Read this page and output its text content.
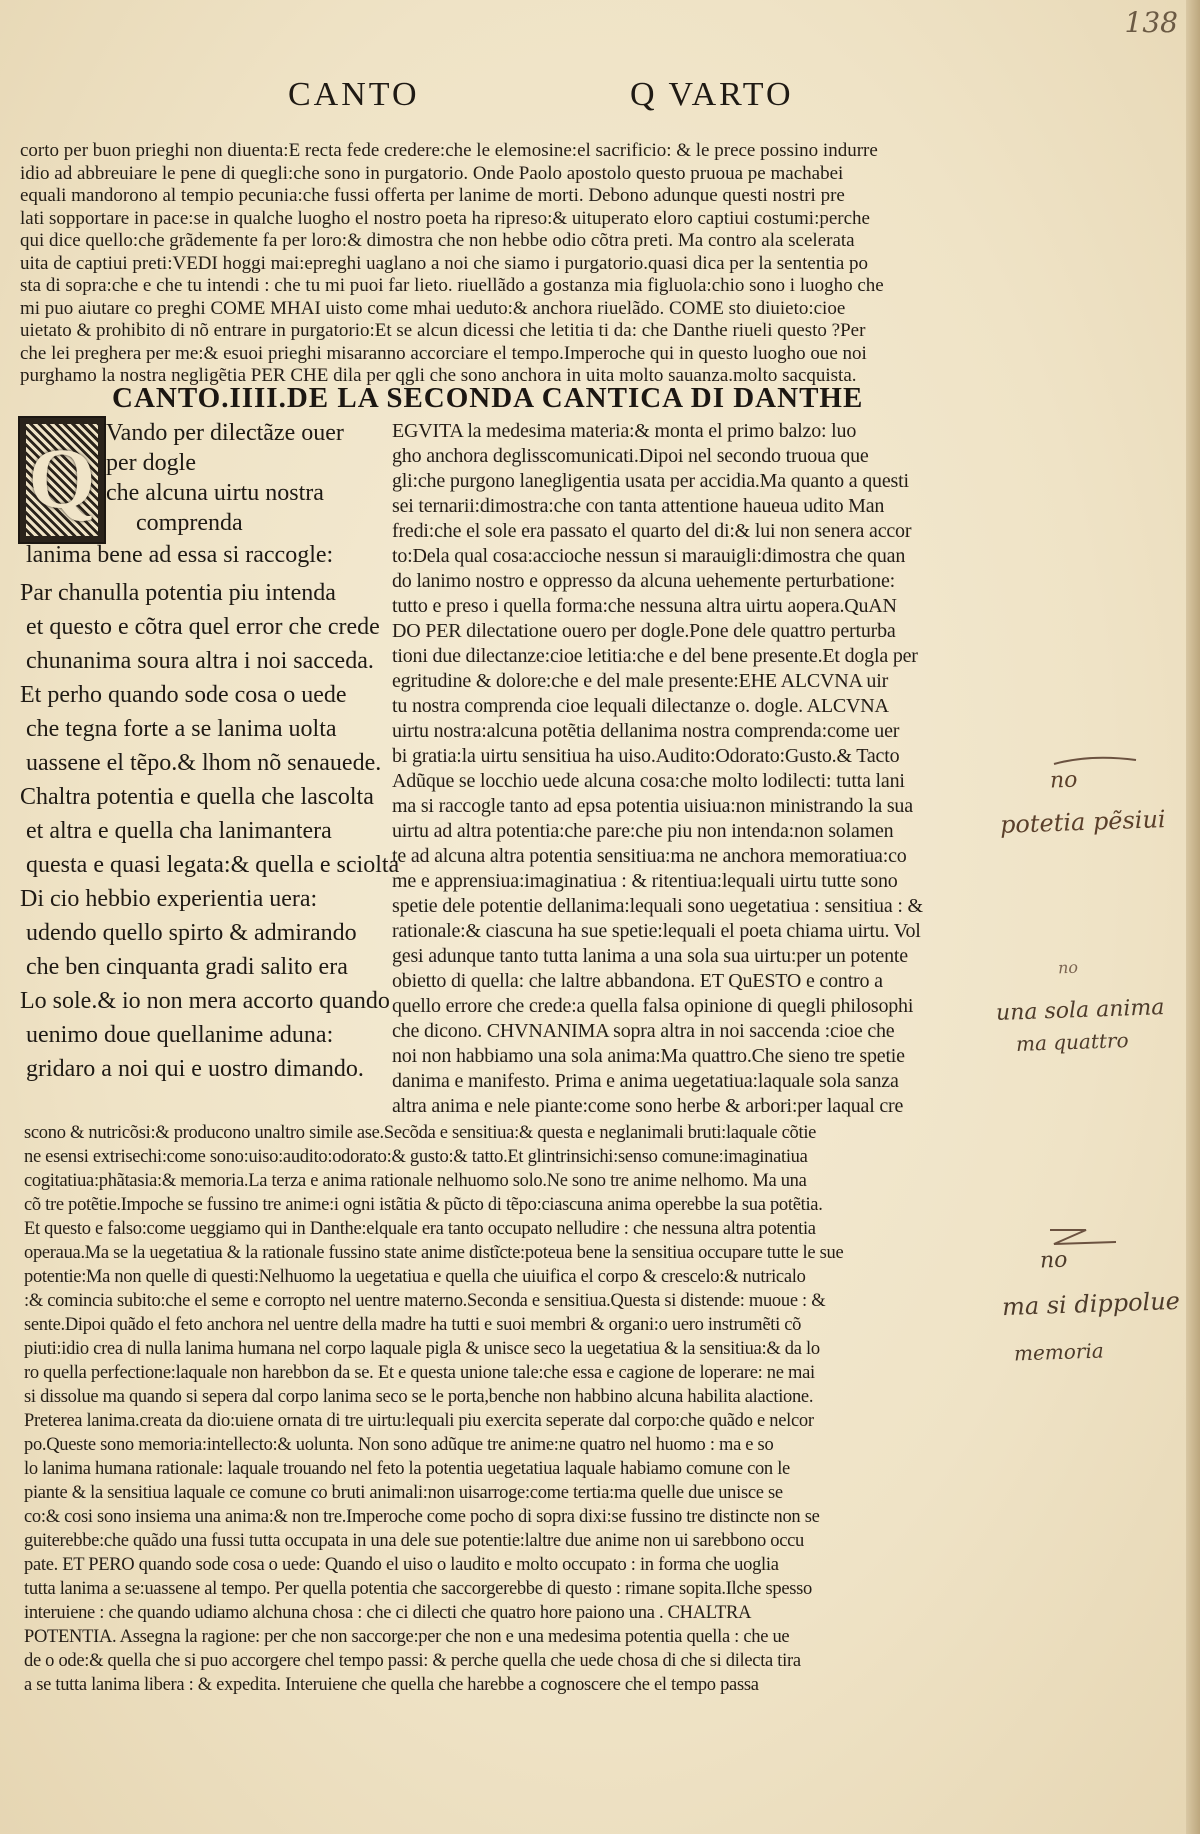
138
CANTO	Q VARTO
corto per buon prieghi non diuenta:E recta fede credere:che le elemosine:el sacrificio: & le prece possino indurre
idio ad abbreuiare le pene di quegli:che sono in purgatorio. Onde Paolo apostolo questo pruoua pe machabei
equali mandorono al tempio pecunia:che fussi offerta per lanime de morti. Debono adunque questi nostri pre
lati sopportare in pace:se in qualche luogho el nostro poeta ha ripreso:& uituperato eloro captiui costumi:perche
qui dice quello:che grãdemente fa per loro:& dimostra che non hebbe odio cõtra preti. Ma contro ala scelerata
uita de captiui preti:VEDI hoggi mai:epreghi uaglano a noi che siamo i purgatorio.quasi dica per la sententia po
sta di sopra:che e che tu intendi : che tu mi puoi far lieto. riuellãdo a gostanza mia figluola:chio sono i luogho che
mi puo aiutare co preghi COME MHAI uisto come mhai ueduto:& anchora riuelãdo. COME sto diuieto:cioe
uietato & prohibito di nõ entrare in purgatorio:Et se alcun dicessi che letitia ti da: che Danthe riueli questo ?Per
che lei preghera per me:& esuoi prieghi misaranno accorciare el tempo.Imperoche qui in questo luogho oue noi
CANTO.IIII.DE LA SECONDA CANTICA DI DANTHE
Q Vando per dilectãze ouer
per dogle
che alcuna uirtu nostra
comprenda
lanima bene ad essa si raccogle:
Par chanulla potentia piu intenda
et questo e cõtra quel error che crede
chunanima soura altra i noi sacceda.
Et perho quando sode cosa o uede
che tegna forte a se lanima uolta
uassene el tẽpo.& lhom nõ senauede.
Chaltra potentia e quella che lascolta
et altra e quella cha lanimantera
questa e quasi legata:& quella e sciolta
Di cio hebbio experientia uera:
udendo quello spirto & admirando
che ben cinquanta gradi salito era
Lo sole.& io non mera accorto quando
uenimo doue quellanime aduna:
gridaro a noi qui e uostro dimando.
EGVITA la medesima materia:& monta el primo balzo: luo
gho anchora deglisscomunicati.Dipoi nel secondo truoua que
gli:che purgono lanegligentia usata per accidia.Ma quanto a questi
sei ternarii:dimostra:che con tanta attentione haueua udito Man
fredi:che el sole era passato el quarto del di:& lui non senera accor
to:Dela qual cosa:accioche nessun si marauigli:dimostra che quan
do lanimo nostro e oppresso da alcuna uehemente perturbatione:
tutto e preso i quella forma:che nessuna altra uirtu aopera.QuAN
DO PER dilectatione ouero per dogle.Pone dele quattro perturba
tioni due dilectanze:cioe letitia:che e del bene presente.Et dogla per
egritudine & dolore:che e del male presente:EHE ALCVNA uir
tu nostra comprenda cioe lequali dilectanze o. dogle. ALCVNA
uirtu nostra:alcuna potẽtia dellanima nostra comprenda:come uer
bi gratia:la uirtu sensitiua ha uiso.Audito:Odorato:Gusto.& Tacto
Adũque se locchio uede alcuna cosa:che molto lodilecti: tutta lani
ma si raccogle tanto ad epsa potentia uisiua:non ministrando la sua
uirtu ad altra potentia:che pare:che piu non intenda:non solamen
te ad alcuna altra potentia sensitiua:ma ne anchora memoratiua:co
me e apprensiua:imaginatiua : & ritentiua:lequali uirtu tutte sono
spetie dele potentie dellanima:lequali sono uegetatiua : sensitiua : &
rationale:& ciascuna ha sue spetie:lequali el poeta chiama uirtu. Vol
gesi adunque tanto tutta lanima a una sola sua uirtu:per un potente
obietto di quella: che laltre abbandona. ET QuESTO e contro a
quello errore che crede:a quella falsa opinione di quegli philosophi
che dicono. CHVNANIMA sopra altra in noi saccenda :cioe che
noi non habbiamo una sola anima:Ma quattro.Che sieno tre spetie
danima e manifesto. Prima e anima uegetatiua:laquale sola sanza
altra anima e nele piante:come sono herbe & arbori:per laqual cre
scono & nutricõsi:& producono unaltro simile ase.Secõda e sensitiua:& questa e neglanimali bruti:laquale cõtie
ne esensi extrisechi:come sono:uiso:audito:odorato:& gusto:& tatto.Et glintrinsichi:senso comune:imaginatiua
cogitatiua:phãtasia:& memoria.La terza e anima rationale nelhuomo solo.Ne sono tre anime nelhomo. Ma una
cõ tre potẽtie.Impoche se fussino tre anime:i ogni istãtia & pũcto di tẽpo:ciascuna anima operebbe la sua potẽtia.
Et questo e falso:come ueggiamo qui in Danthe:elquale era tanto occupato nelludire : che nessuna altra potentia
operaua.Ma se la uegetatiua & la rationale fussino state anime distĩcte:poteua bene la sensitiua occupare tutte le sue
potentie:Ma non quelle di questi:Nelhuomo la uegetatiua e quella che uiuifica el corpo & crescelo:& nutricalo
:& comincia subito:che el seme e corropto nel uentre materno.Seconda e sensitiua.Questa si distende: muoue : &
sente.Dipoi quãdo el feto anchora nel uentre della madre ha tutti e suoi membri & organi:o uero instrumẽti cõ
piuti:idio crea di nulla lanima humana nel corpo laquale pigla & unisce seco la uegetatiua & la sensitiua:& da lo
ro quella perfectione:laquale non harebbon da se. Et e questa unione tale:che essa e cagione de loperare: ne mai
si dissolue ma quando si sepera dal corpo lanima seco se le porta,benche non habbino alcuna habilita alactione.
Preterea lanima.creata da dio:uiene ornata di tre uirtu:lequali piu exercita seperate dal corpo:che quãdo e nelcor
po.Queste sono memoria:intellecto:& uolunta. Non sono adũque tre anime:ne quatro nel huomo : ma e so
lo lanima humana rationale: laquale trouando nel feto la potentia uegetatiua laquale habiamo comune con le
piante & la sensitiua laquale ce comune co bruti animali:non uisarroge:come tertia:ma quelle due unisce se
co:& cosi sono insiema una anima:& non tre.Imperoche come pocho di sopra dixi:se fussino tre distincte non se
guiterebbe:che quãdo una fussi tutta occupata in una dele sue potentie:laltre due anime non ui sarebbono occu
pate. ET PERO quando sode cosa o uede: Quando el uiso o laudito e molto occupato : in forma che uoglia
tutta lanima a se:uassene al tempo. Per quella potentia che saccorgerebbe di questo : rimane sopita.Ilche spesso
interuiene : che quando udiamo alchuna chosa : che ci dilecti che quatro hore paiono una . CHALTRA
POTENTIA. Assegna la ragione: per che non saccorge:per che non e una medesima potentia quella : che ue
de o ode:& quella che si puo accorgere chel tempo passi: & perche quella che uede chosa di che si dilecta tira
a se tutta lanima libera : & expedita. Interuiene che quella che harebbe a cognoscere che el tempo passa
no
potetia pẽsiui
no
una sola anima
ma quattro
no
ma si dippolue
memoria
purghamo la nostra negligẽtia PER CHE dila per qgli che sono anchora in uita molto sauanza.molto sacquista.
